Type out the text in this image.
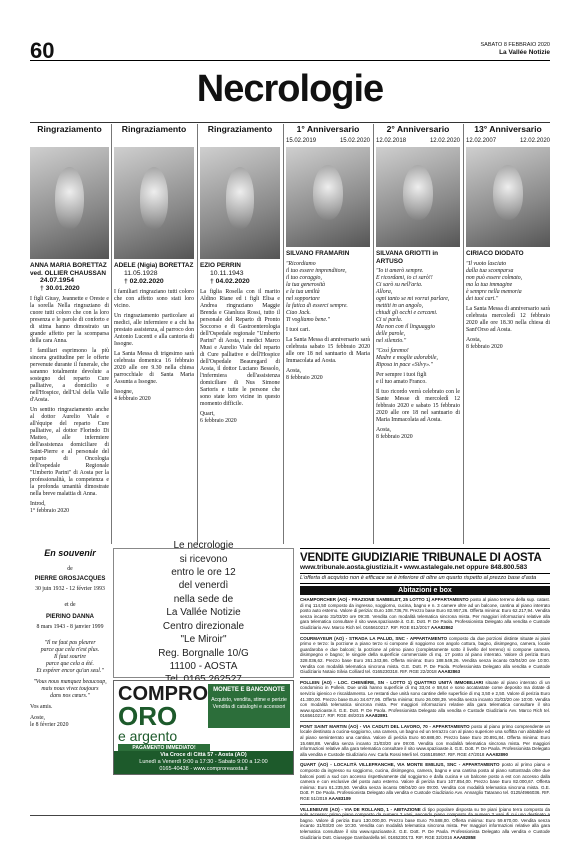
60	SABATO 8 FEBBRAIO 2020
La Vallée Notizie
Necrologie
Ringraziamento
ANNA MARIA BORETTAZ
ved. OLLIER CHAUSSAN
24.07.1954
† 30.01.2020

I figli Giusy, Jeannette e Oreste e la sorella Nella ringraziano di cuore tutti coloro che con la loro presenza e le parole di conforto e di stima hanno dimostrato un grande affetto per la scomparsa della cara Anna.

I familiari esprimono la più sincera gratitudine per le offerte pervenute durante il funerale, che saranno totalmente devolute a sostegno del reparto Cure palliative, a domicilio e nell'Hospice, dell'Usl della Valle d'Aosta.

Un sentito ringraziamento anche al dottor Aurelio Viale e all'équipe del reparto Cure palliative, al dottor Florindo Di Matteo, alle infermiere dell'assistenza domiciliare di Saint-Pierre e al personale del reparto di Oncologia dell'ospedale Regionale "Umberto Parini" di Aosta per la professionalità, la competenza e la profonda umanità dimostrate nella breve malattia di Anna.

Introd,
1° febbraio 2020

Ringraziamento
ADELE (Nigia) BORETTAZ
11.05.1928
† 02.02.2020

I familiari ringraziano tutti coloro che con affetto sono stati loro vicino.

Un ringraziamento particolare ai medici, alle infermiere e a chi ha prestato assistenza, al parroco don Antonio Lucenti e alla cantoria di Issogne.

La Santa Messa di trigesimo sarà celebrata domenica 16 febbraio 2020 alle ore 9.30 nella chiesa parrocchiale di Santa Maria Assunta a Issogne.

Issogne,
4 febbraio 2020

Ringraziamento
EZIO PERRIN
10.11.1943
† 04.02.2020

La figlia Rosella con il marito Aldino Riane ed i figli Elisa e Andrea ringraziano Maggie Brenda e Gianluca Rossi, tutto il personale del Reparto di Pronto Soccorso e di Gastroenterologia dell'Ospedale regionale "Umberto Parini" di Aosta, i medici Marco Musi e Aurelio Viale del reparto di Cure palliative e dell'Hospice dell'Ospedale Beauregard di Aosta, il dottor Luciano Bessolo, l'infermiera dell'assistenza domiciliare di Nus Simone Sartoris e tutte le persone che sono state loro vicine in questo momento difficile.

Quart,
6 febbraio 2020

1° Anniversario
15.02.2019	15.02.2020
SILVANO FRAMARIN

"Ricordiamo
il tuo essere imprenditore,
il tuo coraggio,
la tua generosità
e la tua umiltà
nel sopportare
la fatica di esserci sempre.
Ciao Jack.
Ti vogliamo bene."

I tuoi cari.

La Santa Messa di anniversario sarà celebrata sabato 15 febbraio 2020 alle ore 18 nel santuario di Maria Immacolata ad Aosta.

Aosta,
8 febbraio 2020

2° Anniversario
12.02.2018	12.02.2020
SILVANA GRIOTTI in ARTUSO

"Io ti amerò sempre.
E ricordami, io ci sarò!!
Ci sarò su nell'aria.
Allora,
ogni tanto se mi vorrai parlare,
mettiti in un angolo,
chiudi gli occhi e cercami.
Ci si parla.
Ma non con il linguaggio
delle parole,
nel silenzio."

"Così faremo!
Madre e moglie adorabile,
Riposa in pace «Silvy»."

Per sempre i tuoi figli
e il tuo amato Franco.

Il tuo ricordo verrà celebrato con le Sante Messe di mercoledì 12 febbraio 2020 e sabato 15 febbraio 2020 alle ore 18 nel santuario di Maria Immacolata ad Aosta.

Aosta,
8 febbraio 2020

13° Anniversario
12.02.2007	12.02.2020
CIRIACO DIODATO

"Il vuoto lasciato
dalla tua scomparsa
non può essere colmato,
ma la tua immagine
è sempre nella memoria
dei tuoi cari."

La Santa Messa di anniversario sarà celebrata mercoledì 12 febbraio 2020 alle ore 18.30 nella chiesa di Sant'Orso ad Aosta.

Aosta,
8 febbraio 2020

En souvenir
de
PIERRE GROSJACQUES
30 juin 1932 - 12 février 1993
et de
PIERINO DANNA
8 mars 1943 - 8 janvier 1999
"Il ne faut pas pleurer
parce que cela n'est plus.
Il faut sourire
parce que cela a été.
Et espérer encor qu'un seul."
"Vous nous manquez beaucoup,
mais nous vivez toujours
dans nos cœurs."
Vos amis.
Aoste,
le 8 février 2020
Le necrologie
si ricevono
entro le ore 12
del venerdì
nella sede de
La Vallée Notizie
Centro direzionale
"Le Miroir"
Reg. Borgnalle 10/G
11100 - AOSTA
COMPRO
ORO
e argento
MONETE E BANCONOTE
Acquisto, vendita, stime e perizie
Vendita di cataloghi e accessori
PAGAMENTO IMMEDIATO!
Via Croce di Città 57 - Aosta (AO)
Lunedì a Venerdì 9:00 a 17:30 - Sabato 9:00 a 12:00
0165-40438 - www.comproreaosta.it
VENDITE GIUDIZIARIE TRIBUNALE DI AOSTA
www.tribunale.aosta.giustizia.it • www.astalegale.net oppure 848.800.583
L'offerta di acquisto non è efficace se è inferiore di oltre un quarto rispetto al prezzo base d'asta
Abitazioni e box
CHAMPORCHER (AO) - FRAZIONE SAMBELET, 25 LOTTO 1) APPARTAMENTO posto al piano terreno della sup. catast. di mq 114,50 composto da ingresso, soggiorno, cucina, bagno e n. 3 camere oltre ad un balcone, cantina al piano interrato posto auto esterno. Valore di perizia: Euro 108.736,78. Prezzo base Euro 82.957,26. Offerta minima: Euro 62.217,94. Vendita senza incanto 31/03/20 ore 09:30. Vendita con modalità telematica sincrona mista. Per maggiori informazioni relative alla gara telematica consultare il sito www.spazioaste.it. G.E. Dott. P. De Paola. Professionista Delegato alla vendita e Custode Giudiziario Avv. Marco Rich tel. 0165610217. RIF. RGE 812/2017 AAA82862
COURMAYEUR (AO) - STRADA LA PALUD, SNC - APPARTAMENTO composto da due porzioni distinte situate ai piani primo e terzo: la porzione a piano terzo si compone di soggiorno con angolo cottura, bagno, disimpegno, camera, locale guardaroba e due balconi; la porzione al primo piano (completamente sotto il livello del terreno) si compone camera, disimpegno e bagno; le singole della superficie commerciale di mq. 17 posto al piano interrato. Valore di perizia Euro 328.036,62. Prezzo base Euro 261.343,86. Offerta minima: Euro 188.549,26. Vendita senza incanto 03/04/20 ore 10:00. Vendita con modalità telematica sincrona mista. G.E. Dott. P. De Paola. Professionista Delegato alla vendita e Custode Giudiziario Notaio Silvia Colliard tel. 0165230318. RIF. RGE 22/2018 AAA82863
POLLEIN (AO) - LOC. CHENIÈRE, SN - LOTTO 1) QUATTRO UNITÀ IMMOBILIARI situate al piano interrato di un condominio in Pollein. Due unità hanno superficie di mq 33,04 e 58,64 e sono accatastate come deposito ma dotate di servizio igienico e riscaldamento. Le restanti due unità sono cantine delle superficie di mq 3,50 e 2,50. Valore di perizia Euro 41.300,00. Prezzo base Euro 34.677,95. Offerta minima: Euro 26.008,39. Vendita senza incanto 31/03/20 ore 10:00. Vendita con modalità telematica sincrona mista. Per maggiori informazioni relative alla gara telematica consultare il sito www.spazioaste.it. G.E. Dott. P. De Paola. Professionista Delegato alla vendita e Custode Giudiziario Avv. Marco Rich tel. 0165610217. RIF. RGE 48/2015 AAA82891
PONT SAINT MARTIN (AO) - VIA CADUTI DEL LAVORO, 70 - APPARTAMENTO posto al piano primo comprendente un locale destinato a cucina-soggiorno, una camera, un bagno ed un terrazzo con al piano superiore una soffitta non abitabile ed al piano seminterrato una cantina. Valore di perizia Euro 60.688,00. Prezzo base Euro 20.891,84. Offerta minima: Euro 15.668,88. Vendita senza incanto 31/03/20 ore 09:00. Vendita con modalità telematica sincrona mista. Per maggiori informazioni relative alla gara telematica consultare il sito www.spazioaste.it. G.E. Dott. P. De Paola. Professionista Delegato alla vendita e Custode Giudiziario Avv. Carla Rossi Merli tel. 0165185967. RIF. RGE 47/2018 AAA82890
QUART (AO) - LOCALITÀ VILLEFRANCHE, VIA MONTE EMILIUS, SNC - APPARTAMENTO posto al primo piano e composto da ingresso su soggiorno, cucina, disimpegno, camera, bagno e una cantina posta al piano sottostrada oltre due balconi posti a sud con accesso rispettivamente dal soggiorno e dalla cucina e un balcone posto a est con accesso dalla camera e con esclusive del posto auto esterno. Valore di perizia Euro 107.854,00. Prezzo base Euro 82.000,67. Offerta minima: Euro 61.235,50. Vendita senza incanto 08/04/20 ore 09:00. Vendita con modalità telematica sincrona mista. G.E. Dott. P. De Paola. Professionista Delegato alla vendita e Custode Giudiziario Avv. Annarglio Tatarano tel. 0125/4966036. RIF. RGE 51/2019 AAA83109
VILLENEUVE (AO) - VIA DE ROLLAND, 1 - ABITAZIONE di tipo popolare disposta su tre piani (piano terra composto da solo accesso; primo piano composto da numero 2 vani, secondo piano composto da numero 3 vani di cui uno destinato a bagno. Valore di perizia Euro 130.000,00. Prezzo base Euro 79.588,00. Offerta minima: Euro 59.670,00. Vendita senza incanto 31/03/20 ore 10:30. Vendita con modalità telematica sincrona mista. Per maggiori informazioni relative alla gara telematica consultare il sito www.spazioaste.it. G.E. Dott. P. De Paola. Professionista Delegato alla vendita e Custode Giudiziario Dott. Giuseppe Gambardella tel. 0165230173. RIF. RGE 32/2016 AAA82858
